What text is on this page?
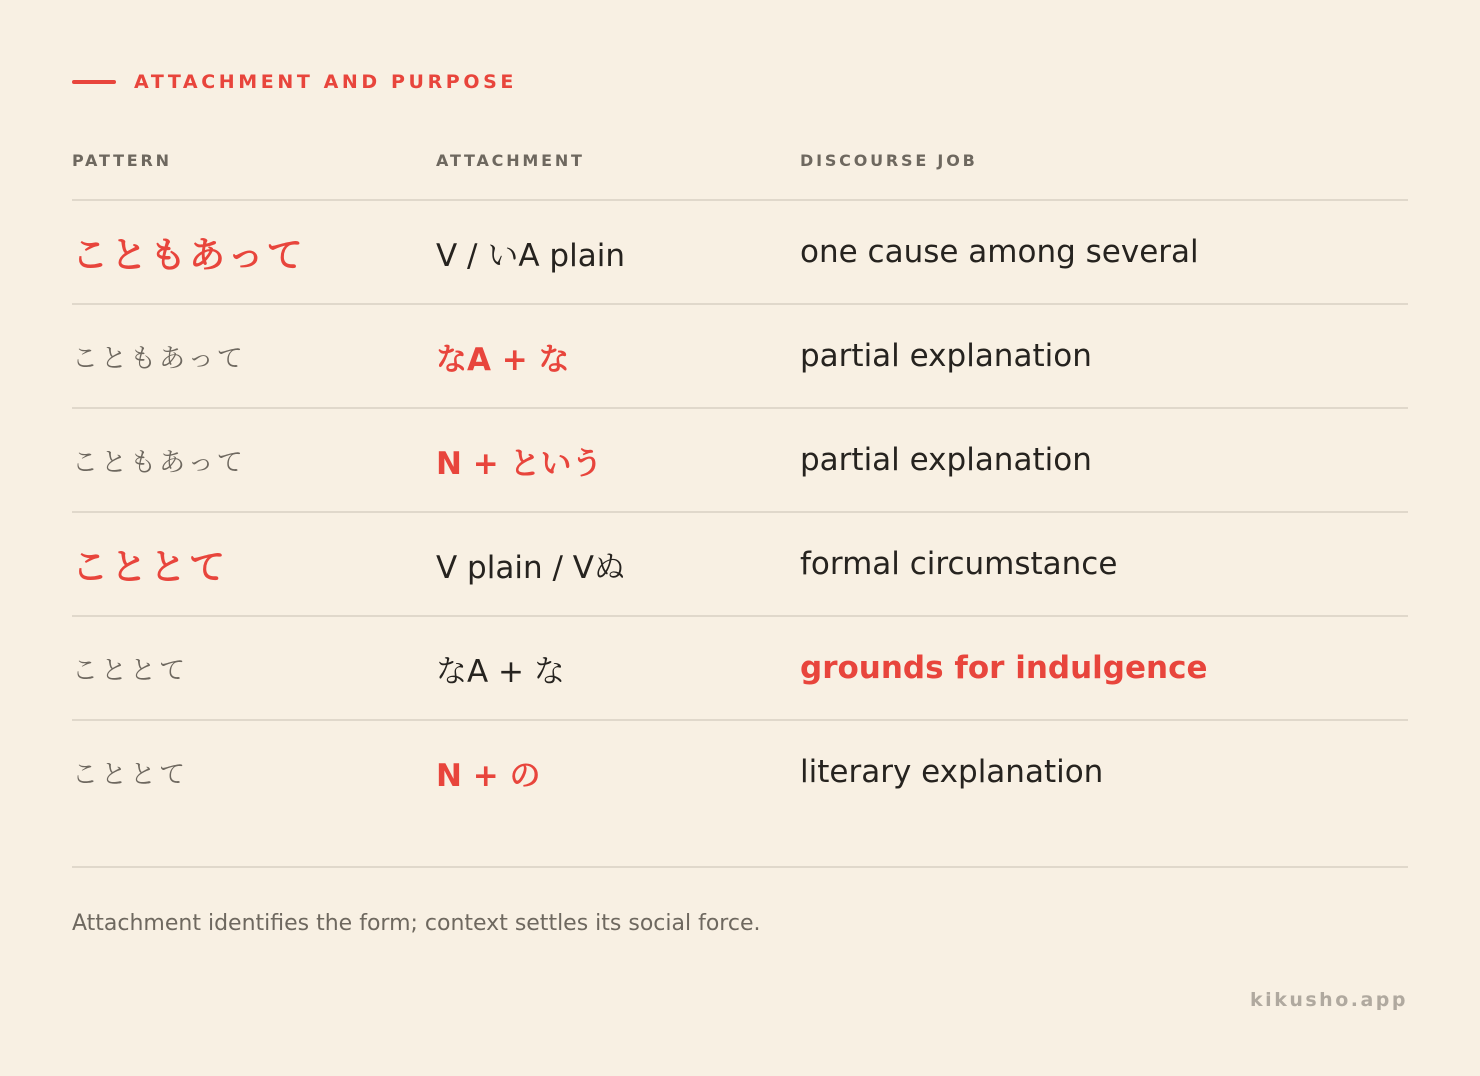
ATTACHMENT AND PURPOSE
PATTERN	ATTACHMENT	DISCOURSE JOB
こともあって	V / いA plain	one cause among several
こともあって	なA + な	partial explanation
こともあって	N + という	partial explanation
こととて	V plain / Vぬ	formal circumstance
こととて	なA + な	grounds for indulgence
こととて	N + の	literary explanation
Attachment identifies the form; context settles its social force.
kikusho.app
